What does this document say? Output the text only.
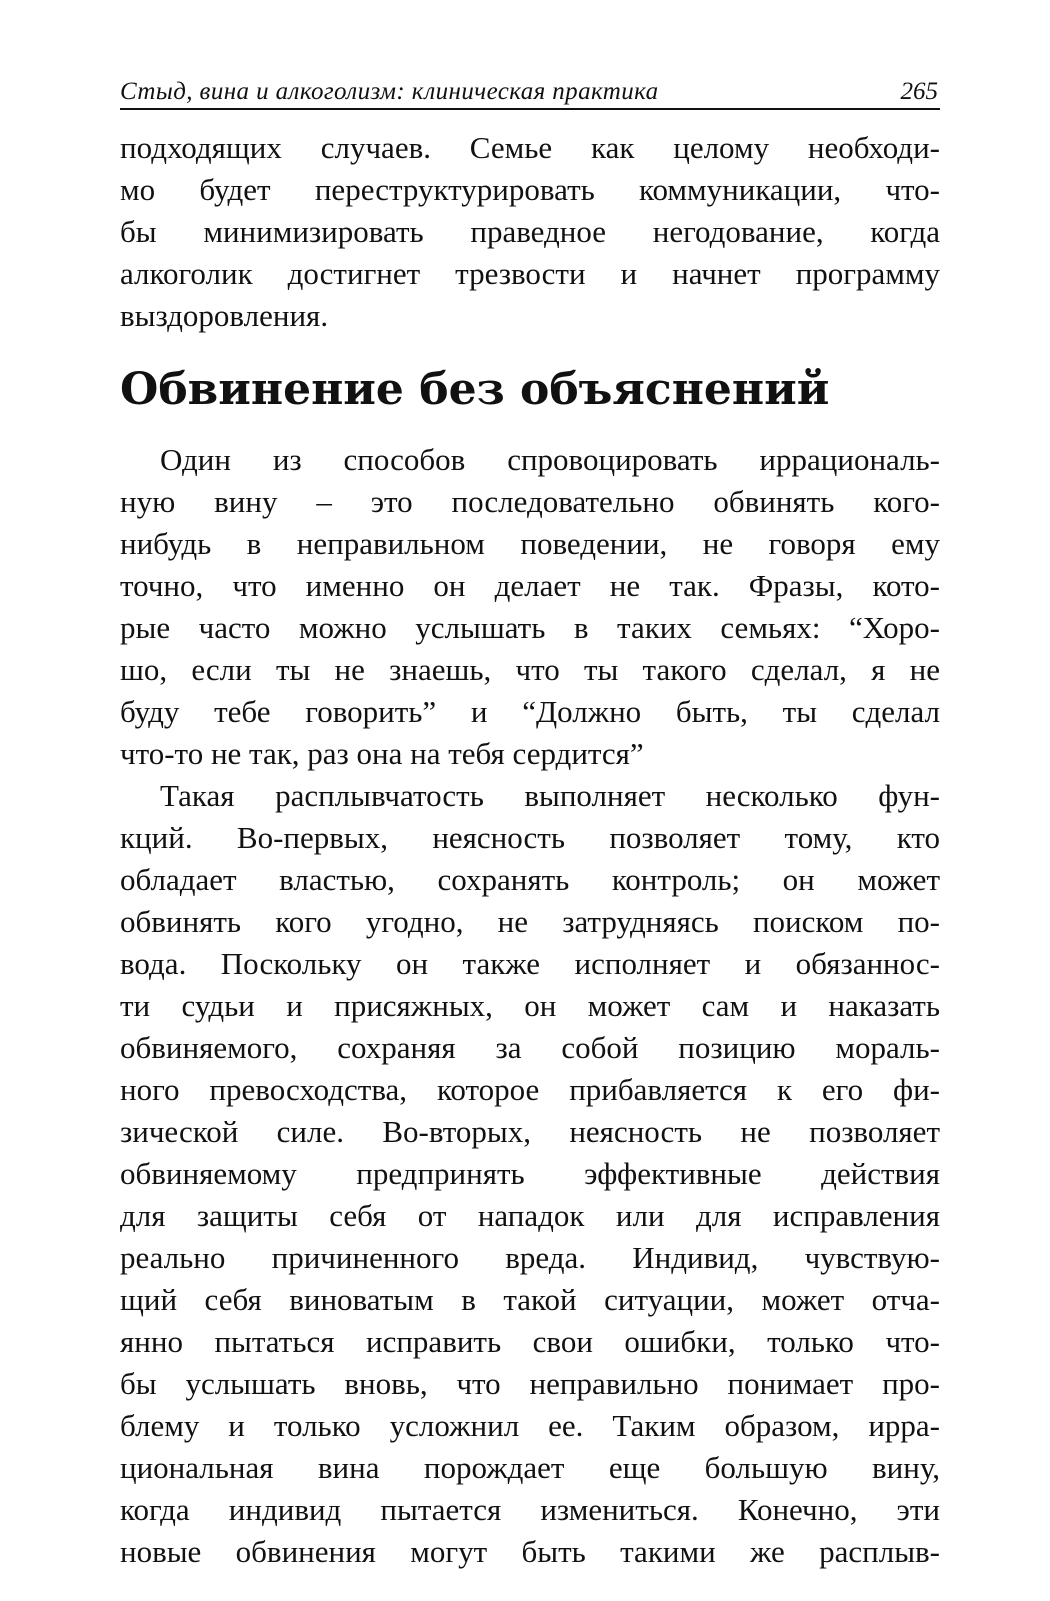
Стыд, вина и алкоголизм: клиническая практика	265
подходящих случаев. Семье как целому необходи-
мо будет переструктурировать коммуникации, что-
бы минимизировать праведное негодование, когда
алкоголик достигнет трезвости и начнет программу
выздоровления.
Обвинение без объяснений
Один из способов спровоцировать иррациональ-
ную вину – это последовательно обвинять кого-
нибудь в неправильном поведении, не говоря ему
точно, что именно он делает не так. Фразы, кото-
рые часто можно услышать в таких семьях: “Хоро-
шо, если ты не знаешь, что ты такого сделал, я не
буду тебе говорить” и “Должно быть, ты сделал
что-то не так, раз она на тебя сердится”
Такая расплывчатость выполняет несколько фун-
кций. Во-первых, неясность позволяет тому, кто
обладает властью, сохранять контроль; он может
обвинять кого угодно, не затрудняясь поиском по-
вода. Поскольку он также исполняет и обязаннос-
ти судьи и присяжных, он может сам и наказать
обвиняемого, сохраняя за собой позицию мораль-
ного превосходства, которое прибавляется к его фи-
зической силе. Во-вторых, неясность не позволяет
обвиняемому предпринять эффективные действия
для защиты себя от нападок или для исправления
реально причиненного вреда. Индивид, чувствую-
щий себя виноватым в такой ситуации, может отча-
янно пытаться исправить свои ошибки, только что-
бы услышать вновь, что неправильно понимает про-
блему и только усложнил ее. Таким образом, ирра-
циональная вина порождает еще большую вину,
когда индивид пытается измениться. Конечно, эти
новые обвинения могут быть такими же расплыв-
